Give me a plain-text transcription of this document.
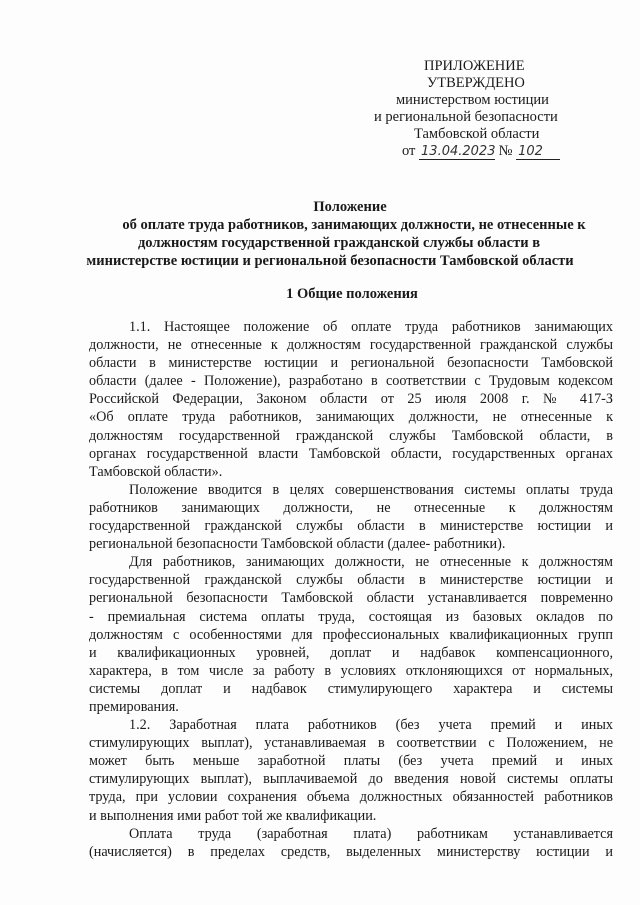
ПРИЛОЖЕНИЕ
УТВЕРЖДЕНО
министерством юстиции
и региональной безопасности
Тамбовской области
от 13.04.2023 № 102
Положение
об оплате труда работников, занимающих должности, не отнесенные к
должностям государственной гражданской службы области в
министерстве юстиции и региональной безопасности Тамбовской области
1 Общие положения
1.1. Настоящее положение об оплате труда работников занимающих
должности, не отнесенные к должностям государственной гражданской службы
области в министерстве юстиции и региональной безопасности Тамбовской
области (далее - Положение), разработано в соответствии с Трудовым кодексом
Российской Федерации, Законом области от 25 июля 2008 г. № 417-З
«Об оплате труда работников, занимающих должности, не отнесенные к
должностям государственной гражданской службы Тамбовской области, в
органах государственной власти Тамбовской области, государственных органах
Тамбовской области».
Положение вводится в целях совершенствования системы оплаты труда
работников занимающих должности, не отнесенные к должностям
государственной гражданской службы области в министерстве юстиции и
региональной безопасности Тамбовской области (далее- работники).
Для работников, занимающих должности, не отнесенные к должностям
государственной гражданской службы области в министерстве юстиции и
региональной безопасности Тамбовской области устанавливается повременно
- премиальная система оплаты труда, состоящая из базовых окладов по
должностям с особенностями для профессиональных квалификационных групп
и квалификационных уровней, доплат и надбавок компенсационного,
характера, в том числе за работу в условиях отклоняющихся от нормальных,
системы доплат и надбавок стимулирующего характера и системы
премирования.
1.2. Заработная плата работников (без учета премий и иных
стимулирующих выплат), устанавливаемая в соответствии с Положением, не
может быть меньше заработной платы (без учета премий и иных
стимулирующих выплат), выплачиваемой до введения новой системы оплаты
труда, при условии сохранения объема должностных обязанностей работников
и выполнения ими работ той же квалификации.
Оплата труда (заработная плата) работникам устанавливается
(начисляется) в пределах средств, выделенных министерству юстиции и
